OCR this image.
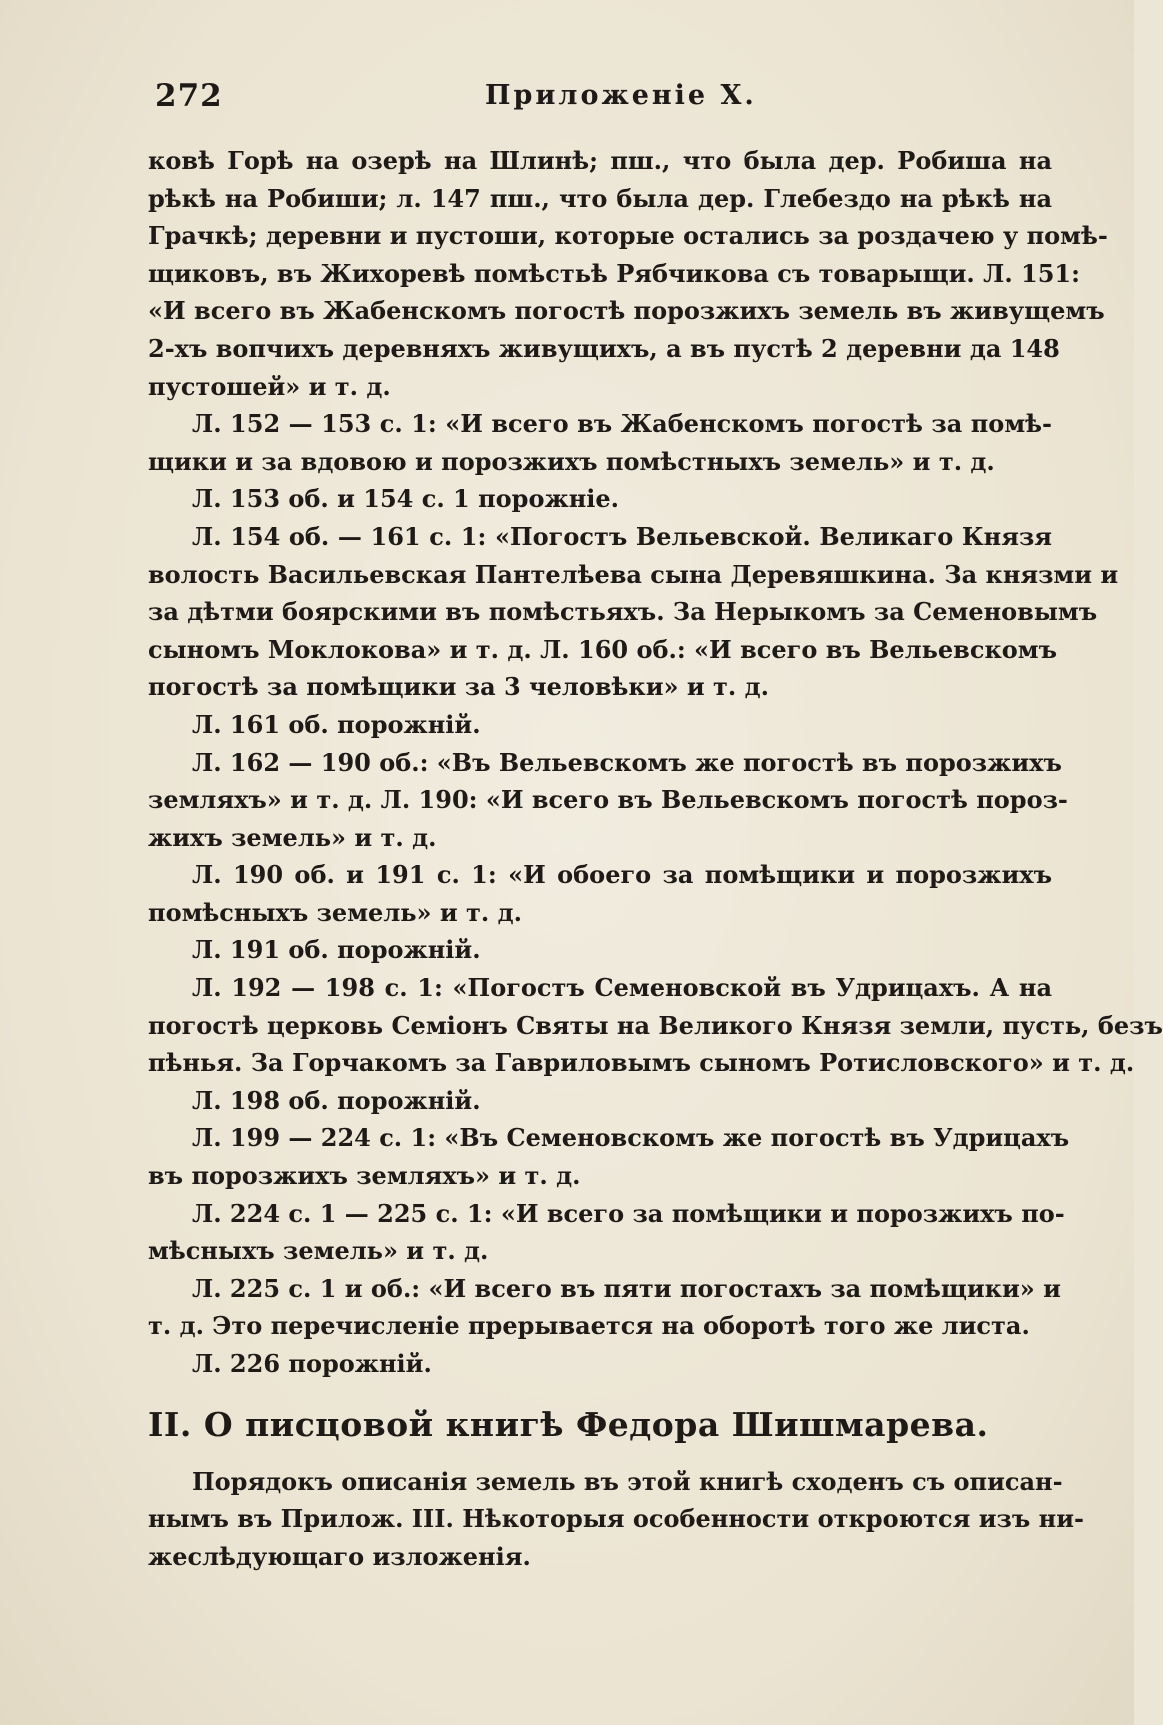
272	Приложеніе X.
ковѣ Горѣ на озерѣ на Шлинѣ; пш., что была дер. Робиша на
рѣкѣ на Робиши; л. 147 пш., что была дер. Глебездо на рѣкѣ на
Грачкѣ; деревни и пустоши, которые остались за роздачею у помѣ-
щиковъ, въ Жихоревѣ помѣстьѣ Рябчикова съ товарыщи. Л. 151:
«И всего въ Жабенскомъ погостѣ порозжихъ земель въ живущемъ
2-хъ вопчихъ деревняхъ живущихъ, а въ пустѣ 2 деревни да 148
пустошей» и т. д.
Л. 152 — 153 с. 1: «И всего въ Жабенскомъ погостѣ за помѣ-
щики и за вдовою и порозжихъ помѣстныхъ земель» и т. д.
Л. 153 об. и 154 с. 1 порожніе.
Л. 154 об. — 161 с. 1: «Погостъ Вельевской. Великаго Князя
волость Васильевская Пантелѣева сына Деревяшкина. За князми и
за дѣтми боярскими въ помѣстьяхъ. За Нерыкомъ за Семеновымъ
сыномъ Моклокова» и т. д. Л. 160 об.: «И всего въ Вельевскомъ
погостѣ за помѣщики за 3 человѣки» и т. д.
Л. 161 об. порожній.
Л. 162 — 190 об.: «Въ Вельевскомъ же погостѣ въ порозжихъ
земляхъ» и т. д. Л. 190: «И всего въ Вельевскомъ погостѣ пороз-
жихъ земель» и т. д.
Л. 190 об. и 191 с. 1: «И обоего за помѣщики и порозжихъ
помѣсныхъ земель» и т. д.
Л. 191 об. порожній.
Л. 192 — 198 с. 1: «Погостъ Семеновской въ Удрицахъ. А на
погостѣ церковь Семіонъ Святы на Великого Князя земли, пусть, безъ
пѣнья. За Горчакомъ за Гавриловымъ сыномъ Ротисловского» и т. д.
Л. 198 об. порожній.
Л. 199 — 224 с. 1: «Въ Семеновскомъ же погостѣ въ Удрицахъ
въ порозжихъ земляхъ» и т. д.
Л. 224 с. 1 — 225 с. 1: «И всего за помѣщики и порозжихъ по-
мѣсныхъ земель» и т. д.
Л. 225 с. 1 и об.: «И всего въ пяти погостахъ за помѣщики» и
т. д. Это перечисленіе прерывается на оборотѣ того же листа.
Л. 226 порожній.
II. О писцовой книгѣ Федора Шишмарева.
Порядокъ описанія земель въ этой книгѣ сходенъ съ описан-
нымъ въ Прилож. III. Нѣкоторыя особенности откроются изъ ни-
жеслѣдующаго изложенія.
